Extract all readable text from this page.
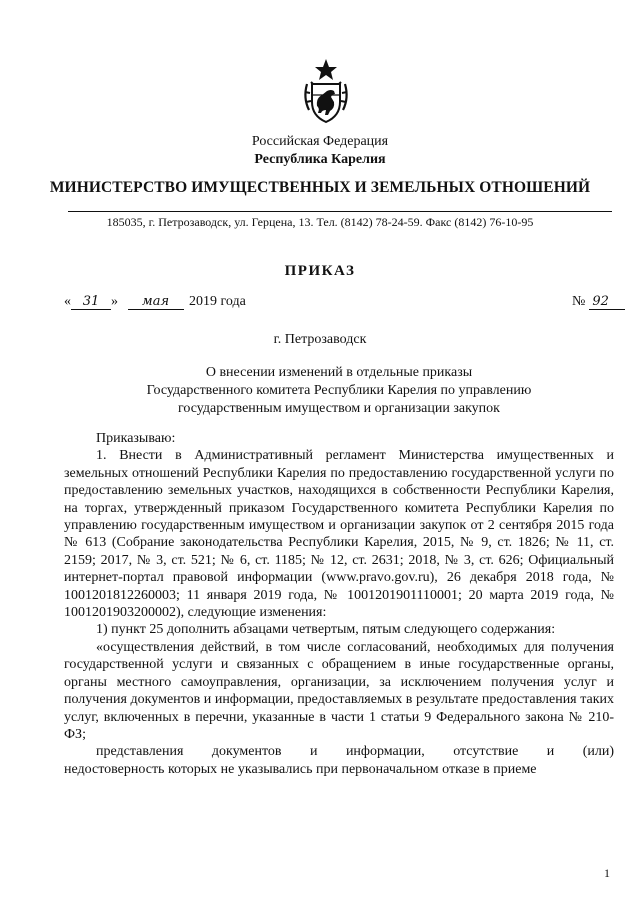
Российская Федерация
Республика Карелия
МИНИСТЕРСТВО ИМУЩЕСТВЕННЫХ И ЗЕМЕЛЬНЫХ ОТНОШЕНИЙ
185035, г. Петрозаводск, ул. Герцена, 13. Тел. (8142) 78-24-59. Факс (8142) 76-10-95
ПРИКАЗ
« 31 » мая 2019 года	№ 92
г. Петрозаводск
О внесении изменений в отдельные приказы
Государственного комитета Республики Карелия по управлению
государственным имуществом и организации закупок
Приказываю:
1. Внести в Административный регламент Министерства имущественных и земельных отношений Республики Карелия по предоставлению государственной услуги по предоставлению земельных участков, находящихся в собственности Республики Карелия, на торгах, утвержденный приказом Государственного комитета Республики Карелия по управлению государственным имуществом и организации закупок от 2 сентября 2015 года № 613 (Собрание законодательства Республики Карелия, 2015, № 9, ст. 1826; № 11, ст. 2159; 2017, № 3, ст. 521; № 6, ст. 1185; № 12, ст. 2631; 2018, № 3, ст. 626; Официальный интернет-портал правовой информации (www.pravo.gov.ru), 26 декабря 2018 года, № 1001201812260003; 11 января 2019 года, № 1001201901110001; 20 марта 2019 года, № 1001201903200002), следующие изменения:
1) пункт 25 дополнить абзацами четвертым, пятым следующего содержания:
«осуществления действий, в том числе согласований, необходимых для получения государственной услуги и связанных с обращением в иные государственные органы, органы местного самоуправления, организации, за исключением получения услуг и получения документов и информации, предоставляемых в результате предоставления таких услуг, включенных в перечни, указанные в части 1 статьи 9 Федерального закона № 210-ФЗ;
представления документов и информации, отсутствие и (или)
недостоверность которых не указывались при первоначальном отказе в приеме
1
